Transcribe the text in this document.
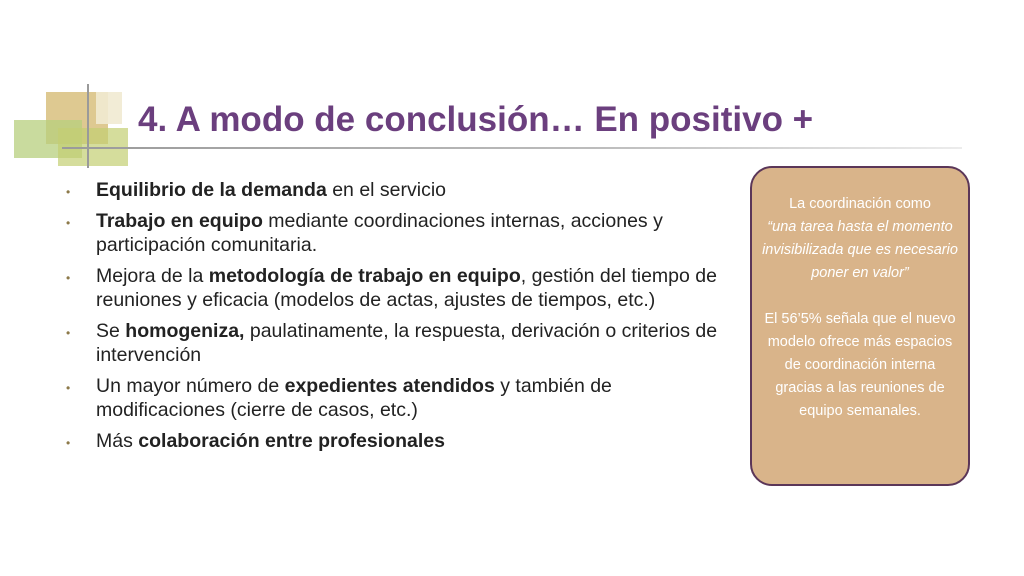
4. A modo de conclusión… En positivo +
• Equilibrio de la demanda en el servicio
• Trabajo en equipo mediante coordinaciones internas, acciones y participación comunitaria.
• Mejora de la metodología de trabajo en equipo, gestión del tiempo de reuniones y eficacia (modelos de actas, ajustes de tiempos, etc.)
• Se homogeniza, paulatinamente, la respuesta, derivación o criterios de intervención
• Un mayor número de expedientes atendidos y también de modificaciones (cierre de casos, etc.)
• Más colaboración entre profesionales

La coordinación como

“una tarea hasta el momento invisibilizada que es necesario poner en valor”

El 56’5% señala que el nuevo modelo ofrece más espacios de coordinación interna gracias a las reuniones de equipo semanales.
